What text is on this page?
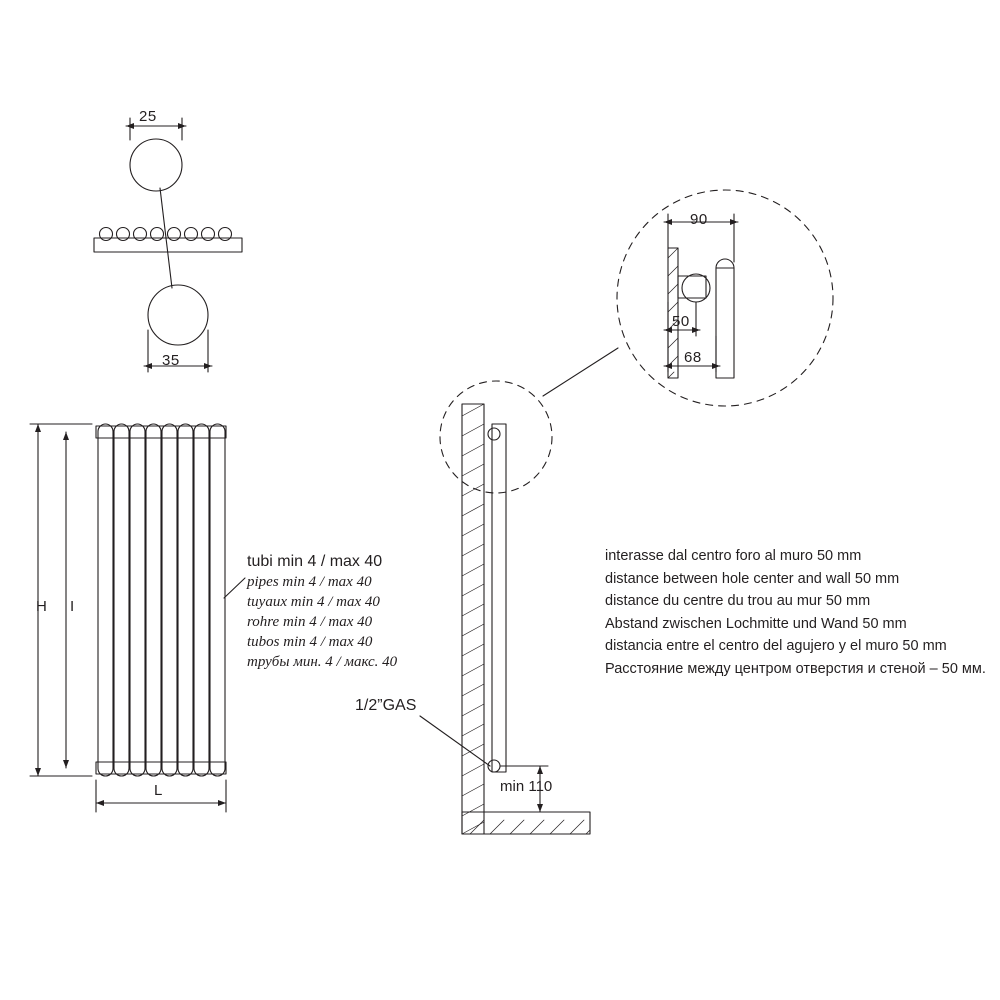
25
35
H I
L
tubi min 4 / max 40
pipes min 4 / max 40
tuyaux min 4 / max 40
rohre min 4 / max 40
tubos min 4 / max 40
трубы мин. 4 / макс. 40
1/2”GAS
min 110
90
50
68
interasse dal centro foro al muro 50 mm
distance between hole center and wall 50 mm
distance du centre du trou au mur 50 mm
Abstand zwischen Lochmitte und Wand 50 mm
distancia entre el centro del agujero y el muro 50 mm
Расстояние между центром отверстия и стеной – 50 мм.
